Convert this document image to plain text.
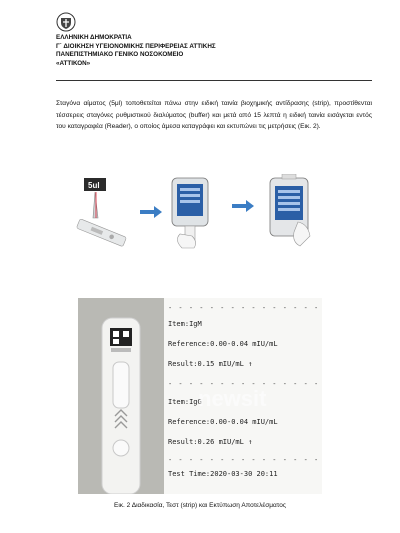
ΕΛΛΗΝΙΚΗ ΔΗΜΟΚΡΑΤΙΑ
Γ΄ ΔΙΟΙΚΗΣΗ ΥΓΕΙΟΝΟΜΙΚΗΣ ΠΕΡΙΦΕΡΕΙΑΣ ΑΤΤΙΚΗΣ
ΠΑΝΕΠΙΣΤΗΜΙΑΚΟ ΓΕΝΙΚΟ ΝΟΣΟΚΟΜΕΙΟ
«ΑΤΤΙΚΟΝ»

Σταγόνα αίματος (5μl) τοποθετείται πάνω στην ειδική ταινία βιοχημικής αντίδρασης (strip), προστίθενται τέσσερεις σταγόνες ρυθμιστικού διαλύματος (buffer) και μετά από 15 λεπτά η ειδική ταινία εισάγεται εντός του καταγραφέα (Reader), ο οποίος άμεσα καταγράφει και εκτυπώνει τις μετρήσεις (Εικ. 2).

5ul
- - - - - - - - - - - - - - -
Item:IgM
Reference:0.00-0.04 mIU/mL
Result:0.15 mIU/mL ↑
- - - - - - - - - - - - - - -
Item:IgG
Reference:0.00-0.04 mIU/mL
Result:0.26 mIU/mL ↑
- - - - - - - - - - - - - - -
Test Time:2020-03-30 20:11
newsit
Εικ. 2 Διαδικασία, Τεστ (strip) και Εκτύπωση Αποτελέσματος
